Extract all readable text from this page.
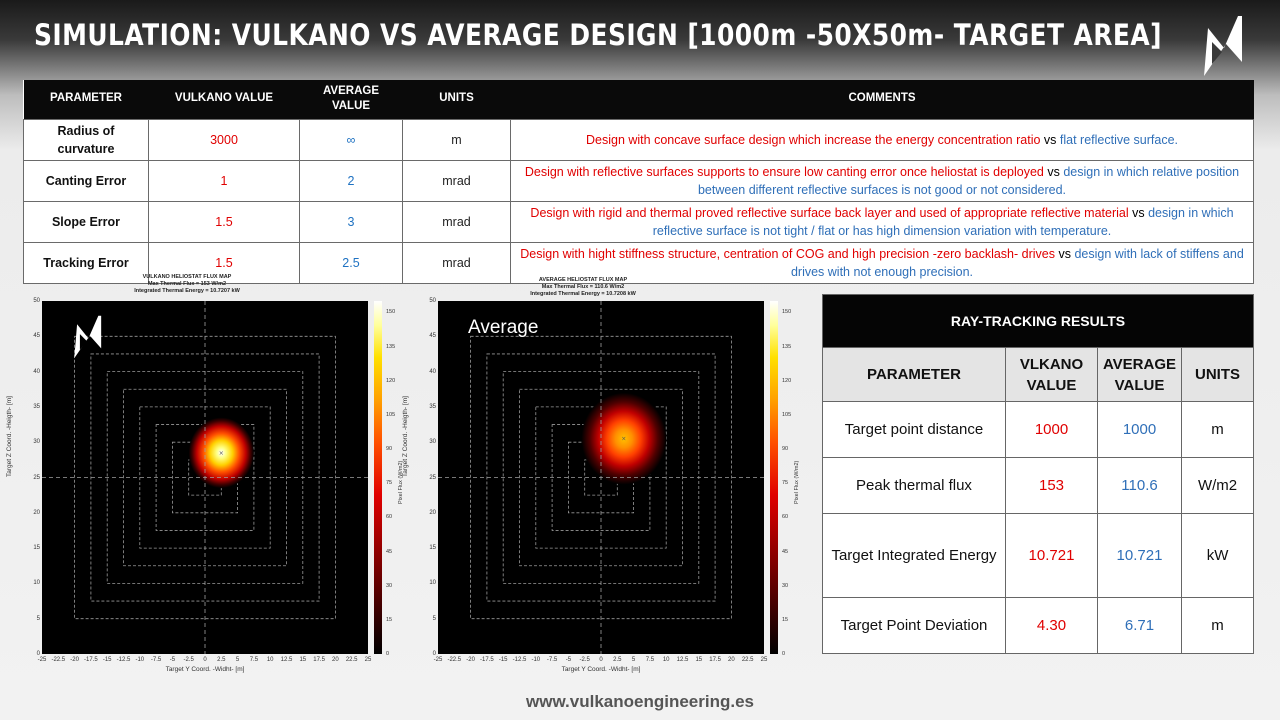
SIMULATION: VULKANO VS AVERAGE DESIGN [1000m -50X50m- TARGET AREA]
PARAMETER	VULKANO VALUE	AVERAGE VALUE	UNITS	COMMENTS
Radius of curvature	3000	∞	m	Design with concave surface design which increase the energy concentration ratio vs flat reflective surface.
Canting Error	1	2	mrad	Design with reflective surfaces supports to ensure low canting error once heliostat is deployed vs design in which relative position between different reflective surfaces is not good or not considered.
Slope Error	1.5	3	mrad	Design with rigid and thermal proved reflective surface back layer and used of appropriate reflective material vs design in which reflective surface is not tight / flat or has high dimension variation with temperature.
Tracking Error	1.5	2.5	mrad	Design with hight stiffness structure, centration of COG and high precision -zero backlash- drives vs design with lack of stiffens and drives with not enough precision.
VULKANO HELIOSTAT FLUX MAP
Max Thermal Flux = 153 W/m2
Integrated Thermal Energy = 10.7207 kW
×
0
5
10
15
20
25
30
35
40
45
50
-25 -22.5 -20 -17.5 -15 -12.5 -10 -7.5 -5 -2.5 0 2.5 5 7.5 10 12.5 15 17.5 20 22.5 25
Target Y Coord. -Widht- [m]
Target Z Coord. -Heigth- [m]
0
15
30
45
60
75
90
105
120
135
150
Pixel Flux (W/m2)
AVERAGE HELIOSTAT FLUX MAP
Max Thermal Flux = 110.6 W/m2
Integrated Thermal Energy = 10.7208 kW
×
0
5
10
15
20
25
30
35
40
45
50
-25 -22.5 -20 -17.5 -15 -12.5 -10 -7.5 -5 -2.5 0 2.5 5 7.5 10 12.5 15 17.5 20 22.5 25
Target Y Coord. -Widht- [m]
Target Z Coord. -Heigth- [m]
0
15
30
45
60
75
90
105
120
135
150
Pixel Flux (W/m2)
Average	RAY-TRACKING RESULTS			
PARAMETER	VLKANO VALUE	AVERAGE VALUE	UNITS
Target point distance	1000	1000	m
Peak thermal flux	153	110.6	W/m2
Target Integrated Energy	10.721	10.721	kW
Target Point Deviation	4.30	6.71	m
www.vulkanoengineering.es
